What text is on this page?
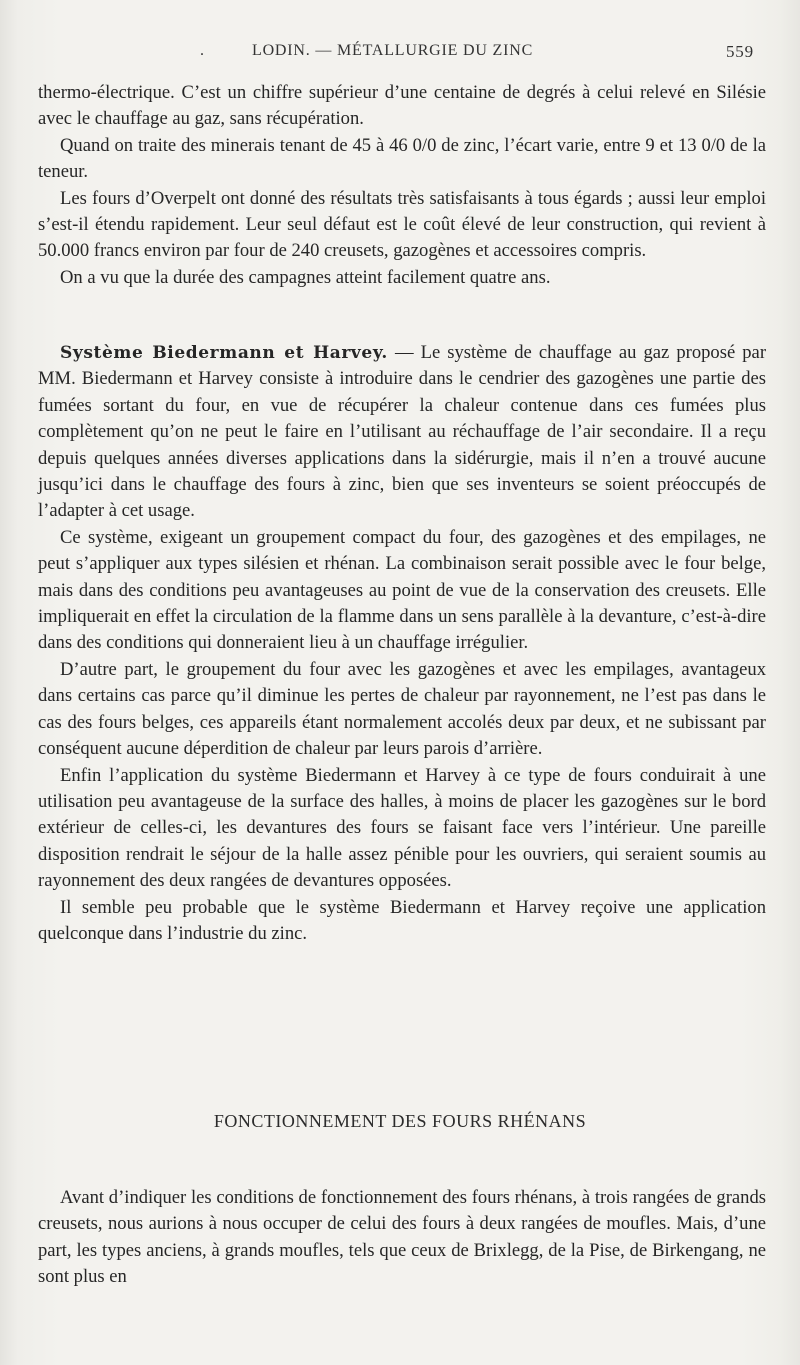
.	LODIN. — MÉTALLURGIE DU ZINC	559

thermo-électrique. C’est un chiffre supérieur d’une centaine de degrés à celui relevé en Silésie avec le chauffage au gaz, sans récupération.

Quand on traite des minerais tenant de 45 à 46 0/0 de zinc, l’écart varie, entre 9 et 13 0/0 de la teneur.

Les fours d’Overpelt ont donné des résultats très satisfaisants à tous égards ; aussi leur emploi s’est-il étendu rapidement. Leur seul défaut est le coût élevé de leur construction, qui revient à 50.000 francs environ par four de 240 creusets, gazogènes et accessoires compris.

On a vu que la durée des campagnes atteint facilement quatre ans.

Système Biedermann et Harvey. — Le système de chauffage au gaz proposé par MM. Biedermann et Harvey consiste à introduire dans le cendrier des gazogènes une partie des fumées sortant du four, en vue de récupérer la chaleur contenue dans ces fumées plus complètement qu’on ne peut le faire en l’utilisant au réchauffage de l’air secondaire. Il a reçu depuis quelques années diverses applications dans la sidérurgie, mais il n’en a trouvé aucune jusqu’ici dans le chauffage des fours à zinc, bien que ses inventeurs se soient préoccupés de l’adapter à cet usage.

Ce système, exigeant un groupement compact du four, des gazogènes et des empilages, ne peut s’appliquer aux types silésien et rhénan. La combinaison serait possible avec le four belge, mais dans des conditions peu avantageuses au point de vue de la conservation des creusets. Elle impliquerait en effet la circulation de la flamme dans un sens parallèle à la devanture, c’est-à-dire dans des conditions qui donneraient lieu à un chauffage irrégulier.

D’autre part, le groupement du four avec les gazogènes et avec les empilages, avantageux dans certains cas parce qu’il diminue les pertes de chaleur par rayonnement, ne l’est pas dans le cas des fours belges, ces appareils étant normalement accolés deux par deux, et ne subissant par conséquent aucune déperdition de chaleur par leurs parois d’arrière.

Enfin l’application du système Biedermann et Harvey à ce type de fours conduirait à une utilisation peu avantageuse de la surface des halles, à moins de placer les gazogènes sur le bord extérieur de celles-ci, les devantures des fours se faisant face vers l’intérieur. Une pareille disposition rendrait le séjour de la halle assez pénible pour les ouvriers, qui seraient soumis au rayonnement des deux rangées de devantures opposées.

Il semble peu probable que le système Biedermann et Harvey reçoive une application quelconque dans l’industrie du zinc.

FONCTIONNEMENT DES FOURS RHÉNANS

Avant d’indiquer les conditions de fonctionnement des fours rhénans, à trois rangées de grands creusets, nous aurions à nous occuper de celui des fours à deux rangées de moufles. Mais, d’une part, les types anciens, à grands moufles, tels que ceux de Brixlegg, de la Pise, de Birkengang, ne sont plus en
